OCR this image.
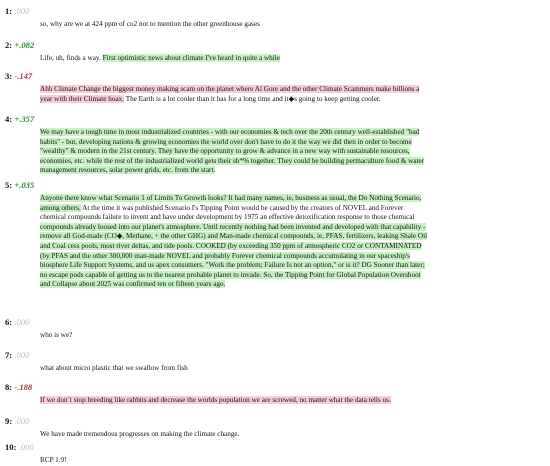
1: .000
so, why are we at 424 ppm of co2 not to mention the other greenhouse gases
2: +.082
Life, uh, finds a way. First optimistic news about climate I've heard in quite a while
3: -.147
Ahh Climate Change the biggest money making scam on the planet where Al Gore and the other Climate Scammers make billions a
year with their Climate hoax. The Earth is a lot cooler than it has for a long time and it◆s going to keep getting cooler.
4: +.357
We may have a tough time in most industrialized countries - with our economies & tech over the 20th century well-established "bad
habits" - but, developing nations & growing economies the world over don't have to do it the way we did then in order to become
"wealthy" & modern in the 21st century. They have the opportunity to grow & advance in a new way with sustainable resources,
economies, etc. while the rest of the industrialized world gets their sh*% together. They could be building permaculture food & water
management resources, solar power grids, etc. from the start.
5: +.035
Anyone there know what Scenario 1 of Limits To Growth looks? It had many names, ie, business as usual, the Do Nothing Scenario,
among others. At the time it was published Scenario I's Tipping Point would be caused by the creators of NOVEL and Forever
chemical compounds failure to invent and have under development by 1975 an effective detoxification response to those chemical
compounds already loosed into our planet's atmosphere. Until recently nothing had been invented and developed with that capability -
remove all God-made (CO◆, Methane, + the other GHG) and Man-made chemical compounds, ie, PFAS, fertilizers, leaking Shale Oil
and Coal cess pools, most river deltas, and tide pools. COOKED (by exceeding 350 ppm of atmospheric CO2 or CONTAMINATED
(by PFAS and the other 300,000 man-made NOVEL and probably Forever chemical compounds accumulating in our spaceship's
biosphere Life Support Systems, and us apex consumers. "Work the problem; Failure Is not an option," or is it? DG Sooner than later;
no escape pods capable of getting us to the nearest probable planet to invade. So, the Tipping Point for Global Population Overshoot
and Collapse about 2025 was confirmed ten or fifteen years ago.
6: .000
who is we?
7: .000
what about micro plastic that we swallow from fish
8: -.188
If we don`t stop breeding like rabbits and decrease the worlds population we are screwed, no matter what the data tells us.
9: .000
We have made tremendous progresses on making the climate change.
10: .000
RCP 1.9!
